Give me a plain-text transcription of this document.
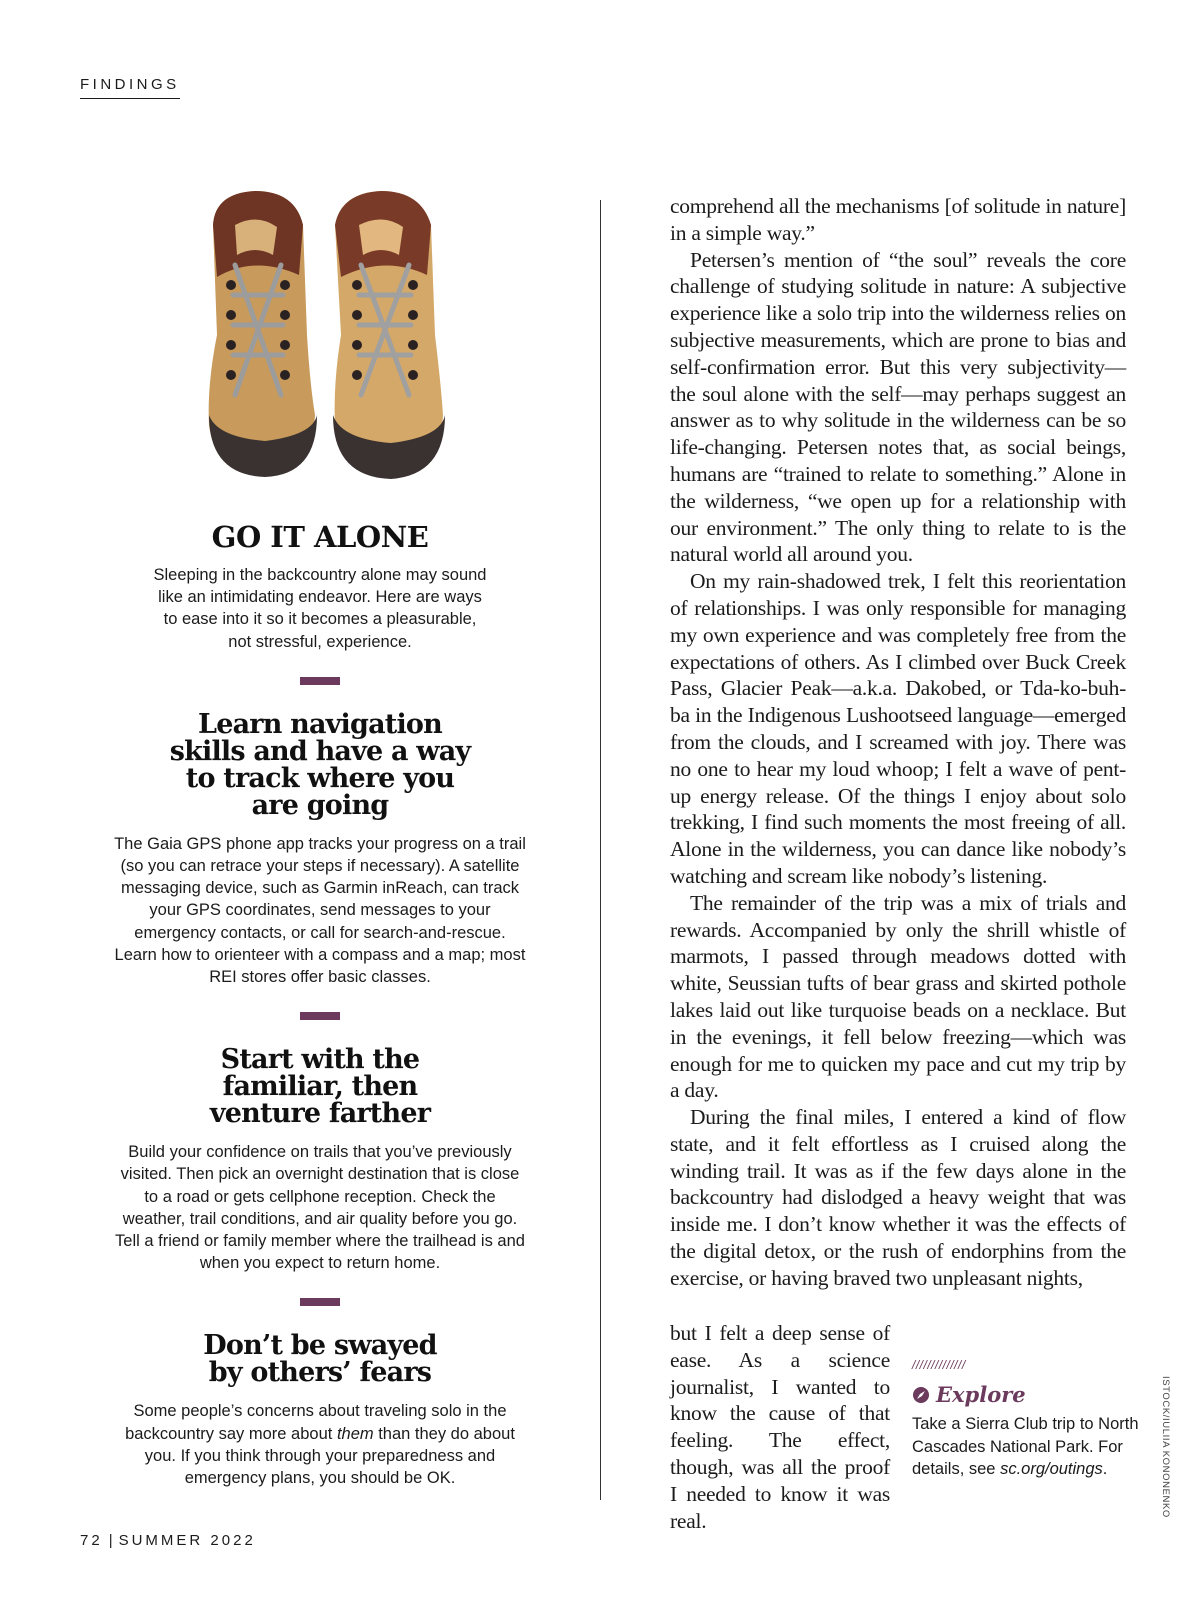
FINDINGS
GO IT ALONE

Sleeping in the backcountry alone may sound like an intimidating endeavor. Here are ways to ease into it so it becomes a pleasurable, not stressful, experience.

Learn navigation skills and have a way to track where you are going

The Gaia GPS phone app tracks your progress on a trail (so you can retrace your steps if necessary). A satellite messaging device, such as Garmin inReach, can track your GPS coordinates, send messages to your emergency contacts, or call for search-and-rescue. Learn how to orienteer with a compass and a map; most REI stores offer basic classes.

Start with the familiar, then venture farther

Build your confidence on trails that you’ve previously visited. Then pick an overnight destination that is close to a road or gets cellphone reception. Check the weather, trail conditions, and air quality before you go. Tell a friend or family member where the trailhead is and when you expect to return home.

Don’t be swayed by others’ fears

Some people’s concerns about traveling solo in the backcountry say more about them than they do about you. If you think through your preparedness and emergency plans, you should be OK.

comprehend all the mechanisms [of solitude in nature] in a simple way.”

Petersen’s mention of “the soul” reveals the core challenge of studying solitude in nature: A subjective experience like a solo trip into the wilderness relies on subjective measurements, which are prone to bias and self-confirmation error. But this very subjectivity—the soul alone with the self—may perhaps suggest an answer as to why solitude in the wilderness can be so life-changing. Petersen notes that, as social beings, humans are “trained to relate to something.” Alone in the wilderness, “we open up for a relationship with our environment.” The only thing to relate to is the natural world all around you.

On my rain-shadowed trek, I felt this reorientation of relationships. I was only responsible for managing my own experience and was completely free from the expectations of others. As I climbed over Buck Creek Pass, Glacier Peak—a.k.a. Dakobed, or Tda-ko-buh-ba in the Indigenous Lushootseed language—emerged from the clouds, and I screamed with joy. There was no one to hear my loud whoop; I felt a wave of pent-up energy release. Of the things I enjoy about solo trekking, I find such moments the most freeing of all. Alone in the wilderness, you can dance like nobody’s watching and scream like nobody’s listening.

The remainder of the trip was a mix of trials and rewards. Accompanied by only the shrill whistle of marmots, I passed through meadows dotted with white, Seussian tufts of bear grass and skirted pothole lakes laid out like turquoise beads on a necklace. But in the evenings, it fell below freezing—which was enough for me to quicken my pace and cut my trip by a day.

During the final miles, I entered a kind of flow state, and it felt effortless as I cruised along the winding trail. It was as if the few days alone in the backcountry had dislodged a heavy weight that was inside me. I don’t know whether it was the effects of the digital detox, or the rush of endorphins from the exercise, or having braved two unpleasant nights,

but I felt a deep sense of ease. As a science journalist, I wanted to know the cause of that feeling. The effect, though, was all the proof I needed to know it was real.
//////////////
Explore
Take a Sierra Club trip to North Cascades National Park. For details, see sc.org/outings.	ISTOCK/IULIIA KONONENKO
72 | SUMMER 2022
